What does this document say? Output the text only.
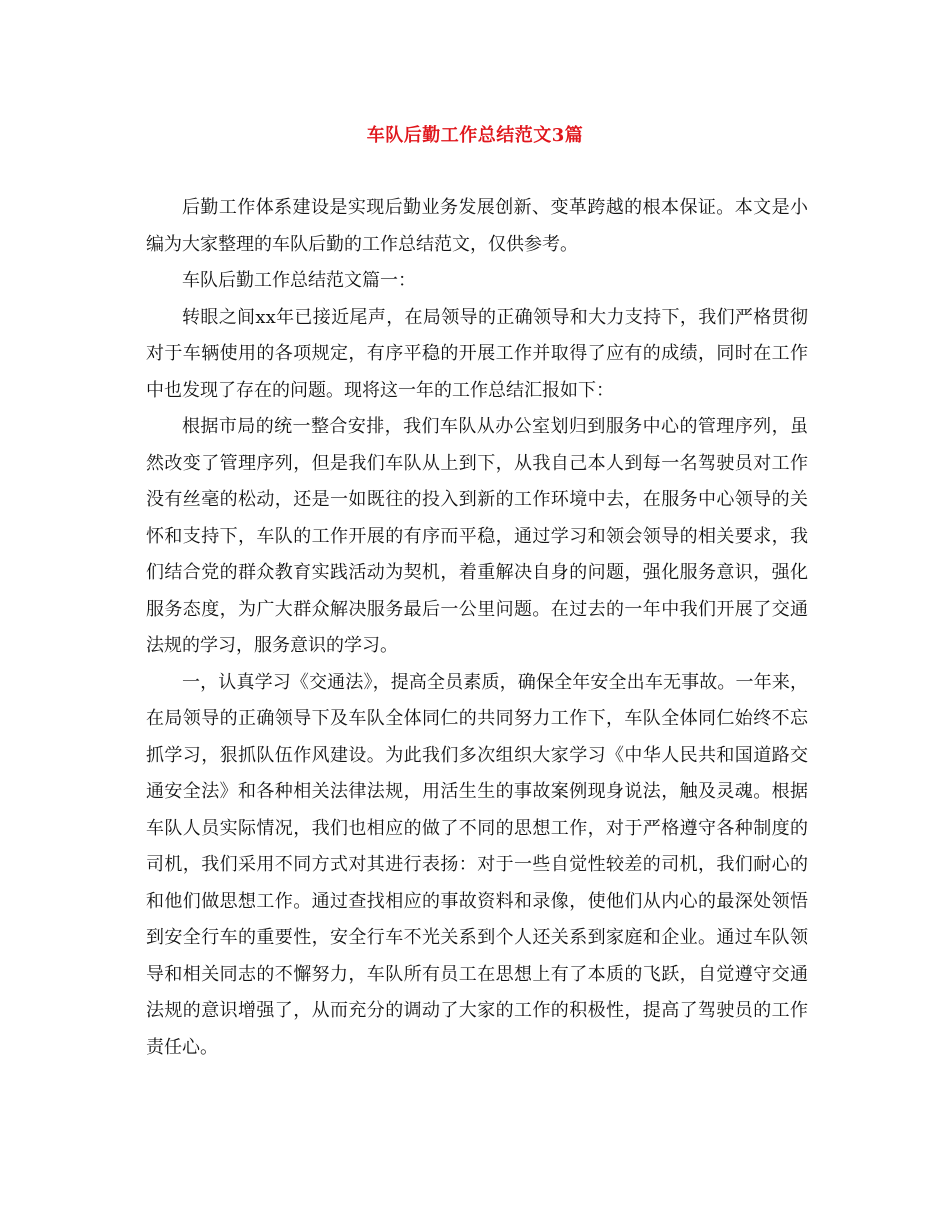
车队后勤工作总结范文3篇

后勤工作体系建设是实现后勤业务发展创新、变革跨越的根本保证。本文是小编为大家整理的车队后勤的工作总结范文，仅供参考。

车队后勤工作总结范文篇一：

转眼之间xx年已接近尾声，在局领导的正确领导和大力支持下，我们严格贯彻对于车辆使用的各项规定，有序平稳的开展工作并取得了应有的成绩，同时在工作中也发现了存在的问题。现将这一年的工作总结汇报如下：

根据市局的统一整合安排，我们车队从办公室划归到服务中心的管理序列，虽然改变了管理序列，但是我们车队从上到下，从我自己本人到每一名驾驶员对工作没有丝毫的松动，还是一如既往的投入到新的工作环境中去，在服务中心领导的关怀和支持下，车队的工作开展的有序而平稳，通过学习和领会领导的相关要求，我们结合党的群众教育实践活动为契机，着重解决自身的问题，强化服务意识，强化服务态度，为广大群众解决服务最后一公里问题。在过去的一年中我们开展了交通法规的学习，服务意识的学习。

一，认真学习《交通法》，提高全员素质，确保全年安全出车无事故。一年来，在局领导的正确领导下及车队全体同仁的共同努力工作下，车队全体同仁始终不忘抓学习，狠抓队伍作风建设。为此我们多次组织大家学习《中华人民共和国道路交通安全法》和各种相关法律法规，用活生生的事故案例现身说法，触及灵魂。根据车队人员实际情况，我们也相应的做了不同的思想工作，对于严格遵守各种制度的司机，我们采用不同方式对其进行表扬：对于一些自觉性较差的司机，我们耐心的和他们做思想工作。通过查找相应的事故资料和录像，使他们从内心的最深处领悟到安全行车的重要性，安全行车不光关系到个人还关系到家庭和企业。通过车队领导和相关同志的不懈努力，车队所有员工在思想上有了本质的飞跃，自觉遵守交通法规的意识增强了，从而充分的调动了大家的工作的积极性，提高了驾驶员的工作责任心。
